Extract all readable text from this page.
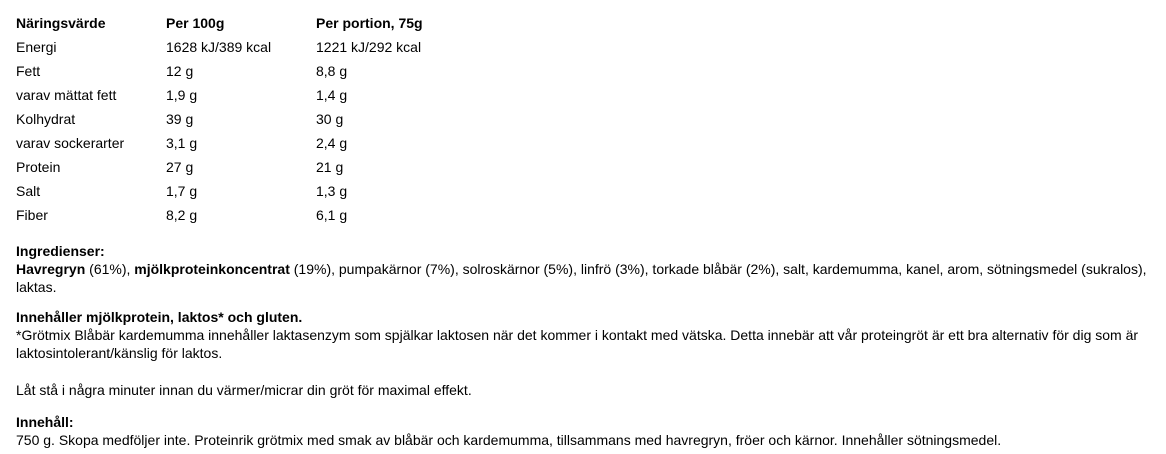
Näringsvärde	Per 100g	Per portion, 75g
Energi	1628 kJ/389 kcal	1221 kJ/292 kcal
Fett	12 g	8,8 g
varav mättat fett	1,9 g	1,4 g
Kolhydrat	39 g	30 g
varav sockerarter	3,1 g	2,4 g
Protein	27 g	21 g
Salt	1,7 g	1,3 g
Fiber	8,2 g	6,1 g
Ingredienser:
Havregryn (61%), mjölkproteinkoncentrat (19%), pumpakärnor (7%), solroskärnor (5%), linfrö (3%), torkade blåbär (2%), salt, kardemumma, kanel, arom, sötningsmedel (sukralos), laktas.
Innehåller mjölkprotein, laktos* och gluten.
*Grötmix Blåbär kardemumma innehåller laktasenzym som spjälkar laktosen när det kommer i kontakt med vätska. Detta innebär att vår proteingröt är ett bra alternativ för dig som är laktosintolerant/känslig för laktos.
Låt stå i några minuter innan du värmer/micrar din gröt för maximal effekt.
Innehåll:
750 g. Skopa medföljer inte. Proteinrik grötmix med smak av blåbär och kardemumma, tillsammans med havregryn, fröer och kärnor. Innehåller sötningsmedel.
